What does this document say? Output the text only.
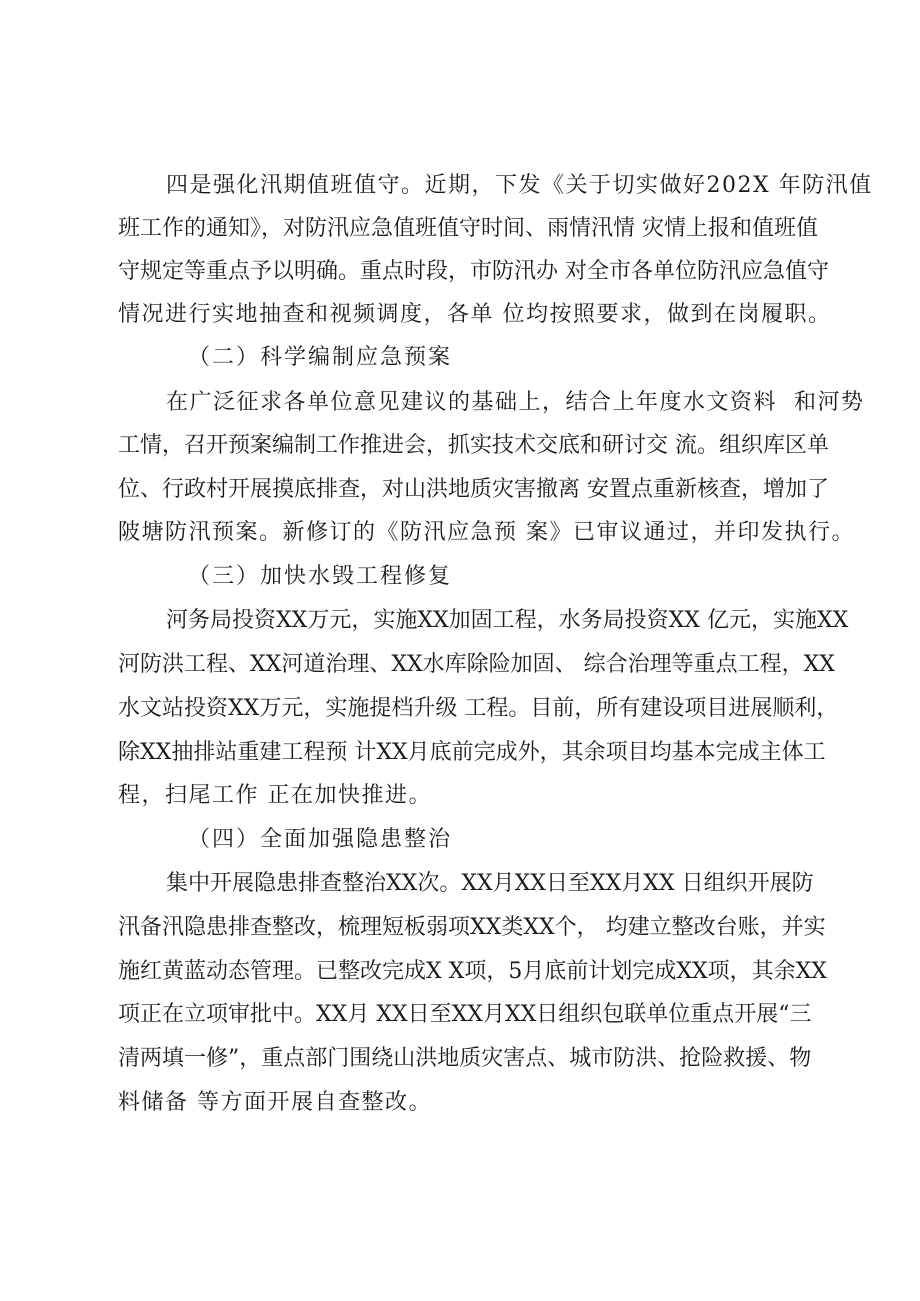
四是强化汛期值班值守。近期，下发《关于切实做好202X 年防汛值
班工作的通知》，对防汛应急值班值守时间、雨情汛情 灾情上报和值班值
守规定等重点予以明确。重点时段，市防汛办 对全市各单位防汛应急值守
情况进行实地抽查和视频调度，各单 位均按照要求，做到在岗履职。
（二）科学编制应急预案
在广泛征求各单位意见建议的基础上，结合上年度水文资料  和河势
工情，召开预案编制工作推进会，抓实技术交底和研讨交 流。组织库区单
位、行政村开展摸底排查，对山洪地质灾害撤离 安置点重新核查，增加了
陂塘防汛预案。新修订的《防汛应急预 案》已审议通过，并印发执行。
（三）加快水毁工程修复
河务局投资XX万元，实施XX加固工程，水务局投资XX 亿元，实施XX
河防洪工程、XX河道治理、XX水库除险加固、 综合治理等重点工程，XX
水文站投资XX万元，实施提档升级 工程。目前，所有建设项目进展顺利，
除XX抽排站重建工程预 计XX月底前完成外，其余项目均基本完成主体工
程，扫尾工作 正在加快推进。
（四）全面加强隐患整治
集中开展隐患排查整治XX次。XX月XX日至XX月XX 日组织开展防
汛备汛隐患排查整改，梳理短板弱项XX类XX个， 均建立整改台账，并实
施红黄蓝动态管理。已整改完成X X项，5月底前计划完成XX项，其余XX
项正在立项审批中。XX月 XX日至XX月XX日组织包联单位重点开展“三
清两填一修”，重点部门围绕山洪地质灾害点、城市防洪、抢险救援、物
料储备 等方面开展自查整改。
